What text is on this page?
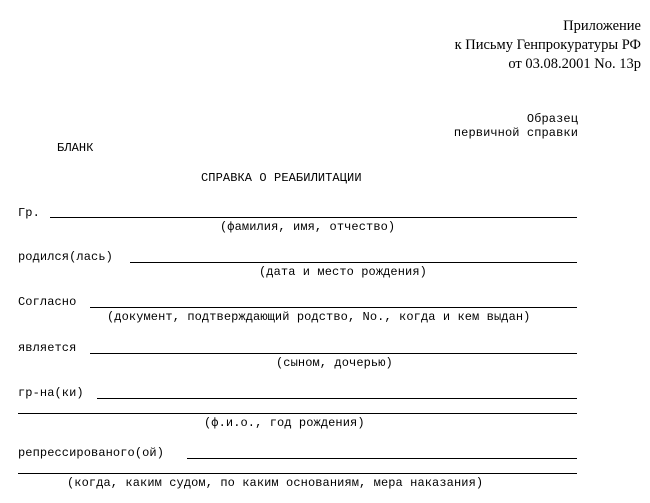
Приложение
к Письму Генпрокуратуры РФ
от 03.08.2001 No. 13р
Образец
первичной справки
БЛАНК
СПРАВКА О РЕАБИЛИТАЦИИ
Гр.
(фамилия, имя, отчество)
родился(лась)
(дата и место рождения)
Согласно
(документ, подтверждающий родство, No., когда и кем выдан)
является
(сыном, дочерью)
гр-на(ки)
(ф.и.о., год рождения)
репрессированого(ой)
(когда, каким судом, по каким основаниям, мера наказания)
